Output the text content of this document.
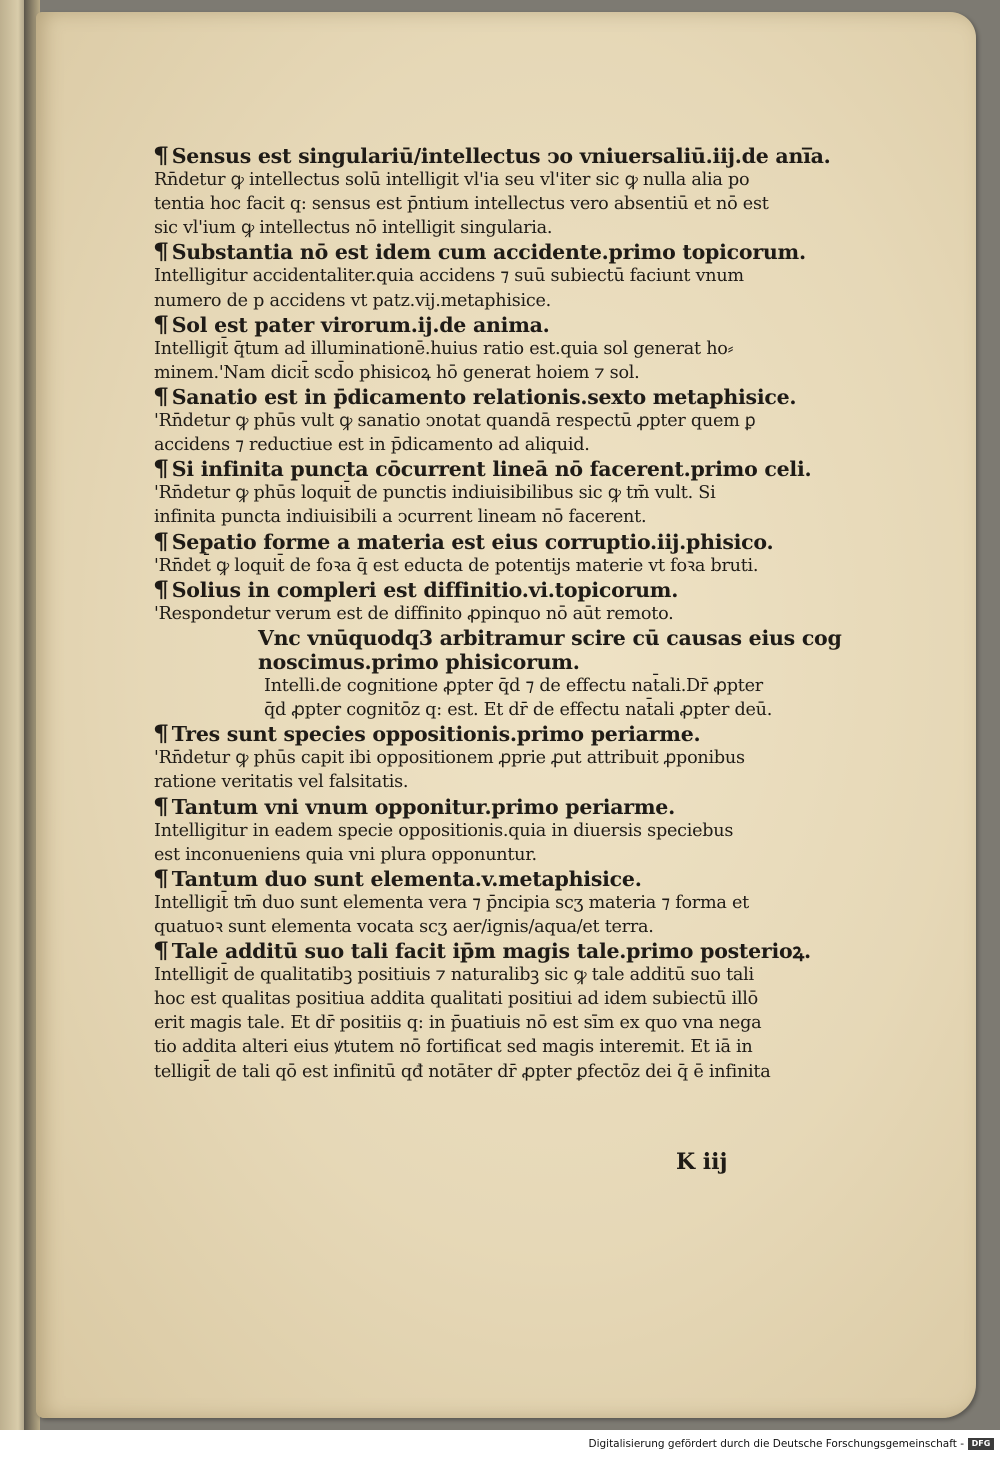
¶ Sensus est singulariū/intellectus ↄo vniuersaliū.iij.de ani̅a.
Rn̄detur ꝙ intellectus solū intelligit vl'ia seu vl'iter sic ꝙ nulla alia po
tentia hoc facit q: sensus est p̄ntium intellectus vero absentiū et nō est
sic vl'ium ꝙ intellectus nō intelligit singularia.
¶ Substantia nō est idem cum accidente.primo topicorum.
Intelligitur accidentaliter.quia accidens ⁊ suū subiectū faciunt vnum
numero de p accidens vt patz.vij.metaphisice.
¶ Sol est pater virorum.ij.de anima.
Intelligit̄ q̄tum ad illuminationē.huius ratio est.quia sol generat ho⸗
minem.'Nam dicit̄ scd̄o phisicoꝝ hō generat hoiem ⁊ sol.
¶ Sanatio est in p̄dicamento relationis.sexto metaphisice.
'Rn̄detur ꝙ phūs vult ꝙ sanatio ↄnotat quandā respectū ꝓpter quem ꝑ
accidens ⁊ reductiue est in p̄dicamento ad aliquid.
¶ Si infinita puncta cōcurrent lineā nō facerent.primo celi.
'Rn̄detur ꝙ phūs loquit̄ de punctis indiuisibilibus sic ꝙ tm̄ vult. Si
infinita puncta indiuisibili a ↄcurrent lineam nō facerent.
¶ Sepatio forme a materia est eius corruptio.iij.phisico.
'Rn̄det̄ ꝙ loquit̄ de foꝛa q̄ est educta de potentijs materie vt foꝛa bruti.
¶ Solius in compleri est diffinitio.vi.topicorum.
'Respondetur verum est de diffinito ꝓpinquo nō aūt remoto.
Vnc vnūquodq3 arbitramur scire cū causas eius cog
noscimus.primo phisicorum.
Intelli.de cognitione ꝓpter q̄d ⁊ de effectu nat̄ali.Dr̄ ꝓpter
q̄d ꝓpter cognitōz q: est. Et dr̄ de effectu nat̄ali ꝓpter deū.
¶ Tres sunt species oppositionis.primo periarme.
'Rn̄detur ꝙ phūs capit ibi oppositionem ꝓprie ꝓut attribuit ꝓponibus
ratione veritatis vel falsitatis.
¶ Tantum vni vnum opponitur.primo periarme.
Intelligitur in eadem specie oppositionis.quia in diuersis speciebus
est inconueniens quia vni plura opponuntur.
¶ Tantum duo sunt elementa.v.metaphisice.
Intelligit̄ tm̄ duo sunt elementa vera ⁊ p̄ncipia scʒ materia ⁊ forma et
quatuoꝛ sunt elementa vocata scʒ aer/ignis/aqua/et terra.
¶ Tale additū suo tali facit ip̄m magis tale.primo posterioꝝ.
Intelligit̄ de qualitatibꝫ positiuis ⁊ naturalibꝫ sic ꝙ tale additū suo tali
hoc est qualitas positiua addita qualitati positiui ad idem subiectū illō
erit magis tale. Et dr̄ positiis q: in p̄uatiuis nō est sīm ex quo vna nega
tio addita alteri eius ꝟtutem nō fortificat sed magis interemit. Et iā in
telligit̄ de tali qō est infinitū qđ notāter dr̄ ꝓpter ꝑfectōz dei q̄ ē infinita
K iij
Digitalisierung gefördert durch die Deutsche Forschungsgemeinschaft - DFG
